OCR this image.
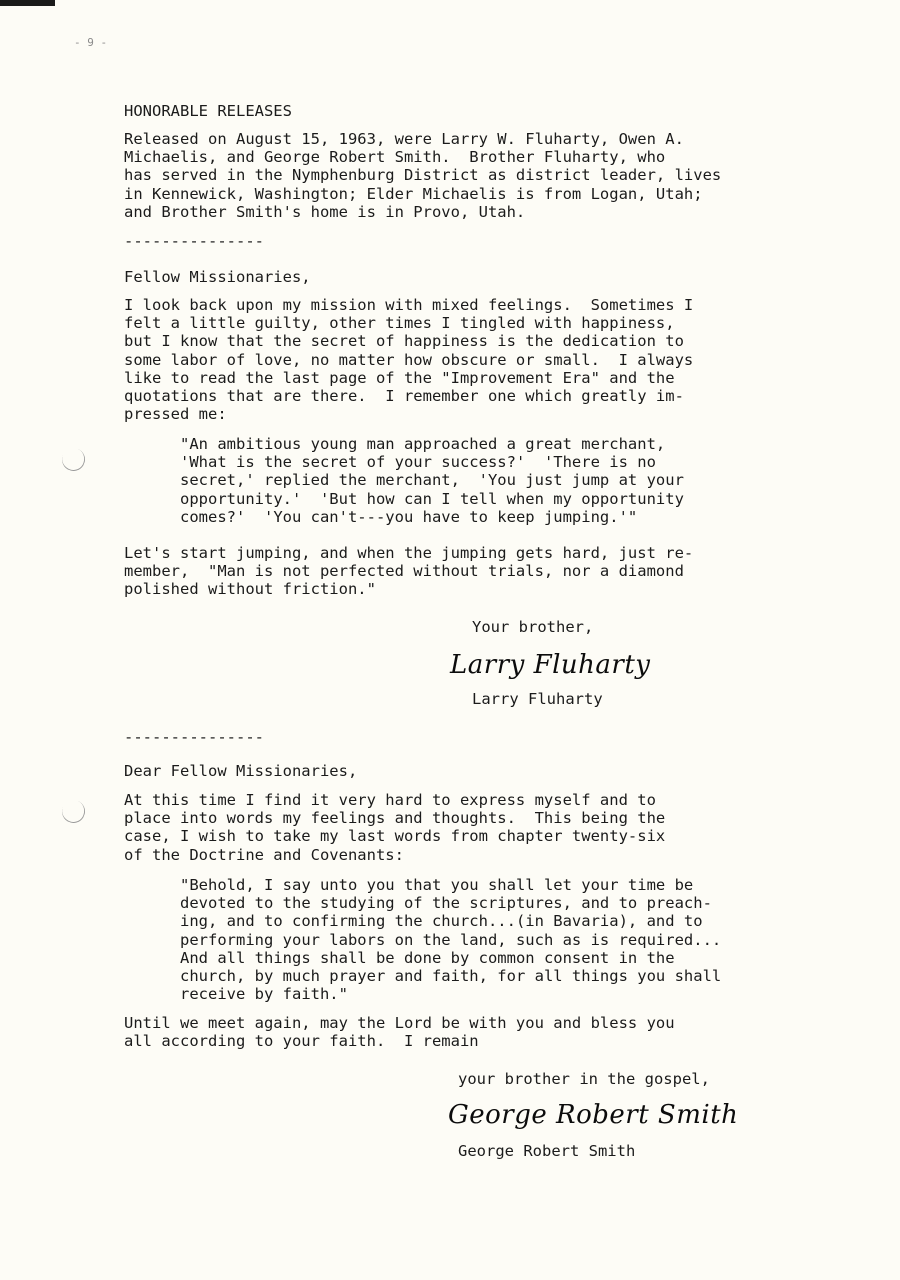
- 9 -
HONORABLE RELEASES

Released on August 15, 1963, were Larry W. Fluharty, Owen A.
Michaelis, and George Robert Smith.  Brother Fluharty, who
has served in the Nymphenburg District as district leader, lives
in Kennewick, Washington; Elder Michaelis is from Logan, Utah;
and Brother Smith's home is in Provo, Utah.

---------------
Fellow Missionaries,

I look back upon my mission with mixed feelings.  Sometimes I
felt a little guilty, other times I tingled with happiness,
but I know that the secret of happiness is the dedication to
some labor of love, no matter how obscure or small.  I always
like to read the last page of the "Improvement Era" and the
quotations that are there.  I remember one which greatly im-
pressed me:

"An ambitious young man approached a great merchant,
'What is the secret of your success?'  'There is no
secret,' replied the merchant,  'You just jump at your
opportunity.'  'But how can I tell when my opportunity
comes?'  'You can't---you have to keep jumping.'"

Let's start jumping, and when the jumping gets hard, just re-
member,  "Man is not perfected without trials, nor a diamond
polished without friction."

Your brother,
Larry Fluharty
Larry Fluharty
---------------
Dear Fellow Missionaries,

At this time I find it very hard to express myself and to
place into words my feelings and thoughts.  This being the
case, I wish to take my last words from chapter twenty-six
of the Doctrine and Covenants:

"Behold, I say unto you that you shall let your time be
devoted to the studying of the scriptures, and to preach-
ing, and to confirming the church...(in Bavaria), and to
performing your labors on the land, such as is required...
And all things shall be done by common consent in the
church, by much prayer and faith, for all things you shall
receive by faith."

Until we meet again, may the Lord be with you and bless you
all according to your faith.  I remain

your brother in the gospel,
George Robert Smith
George Robert Smith
